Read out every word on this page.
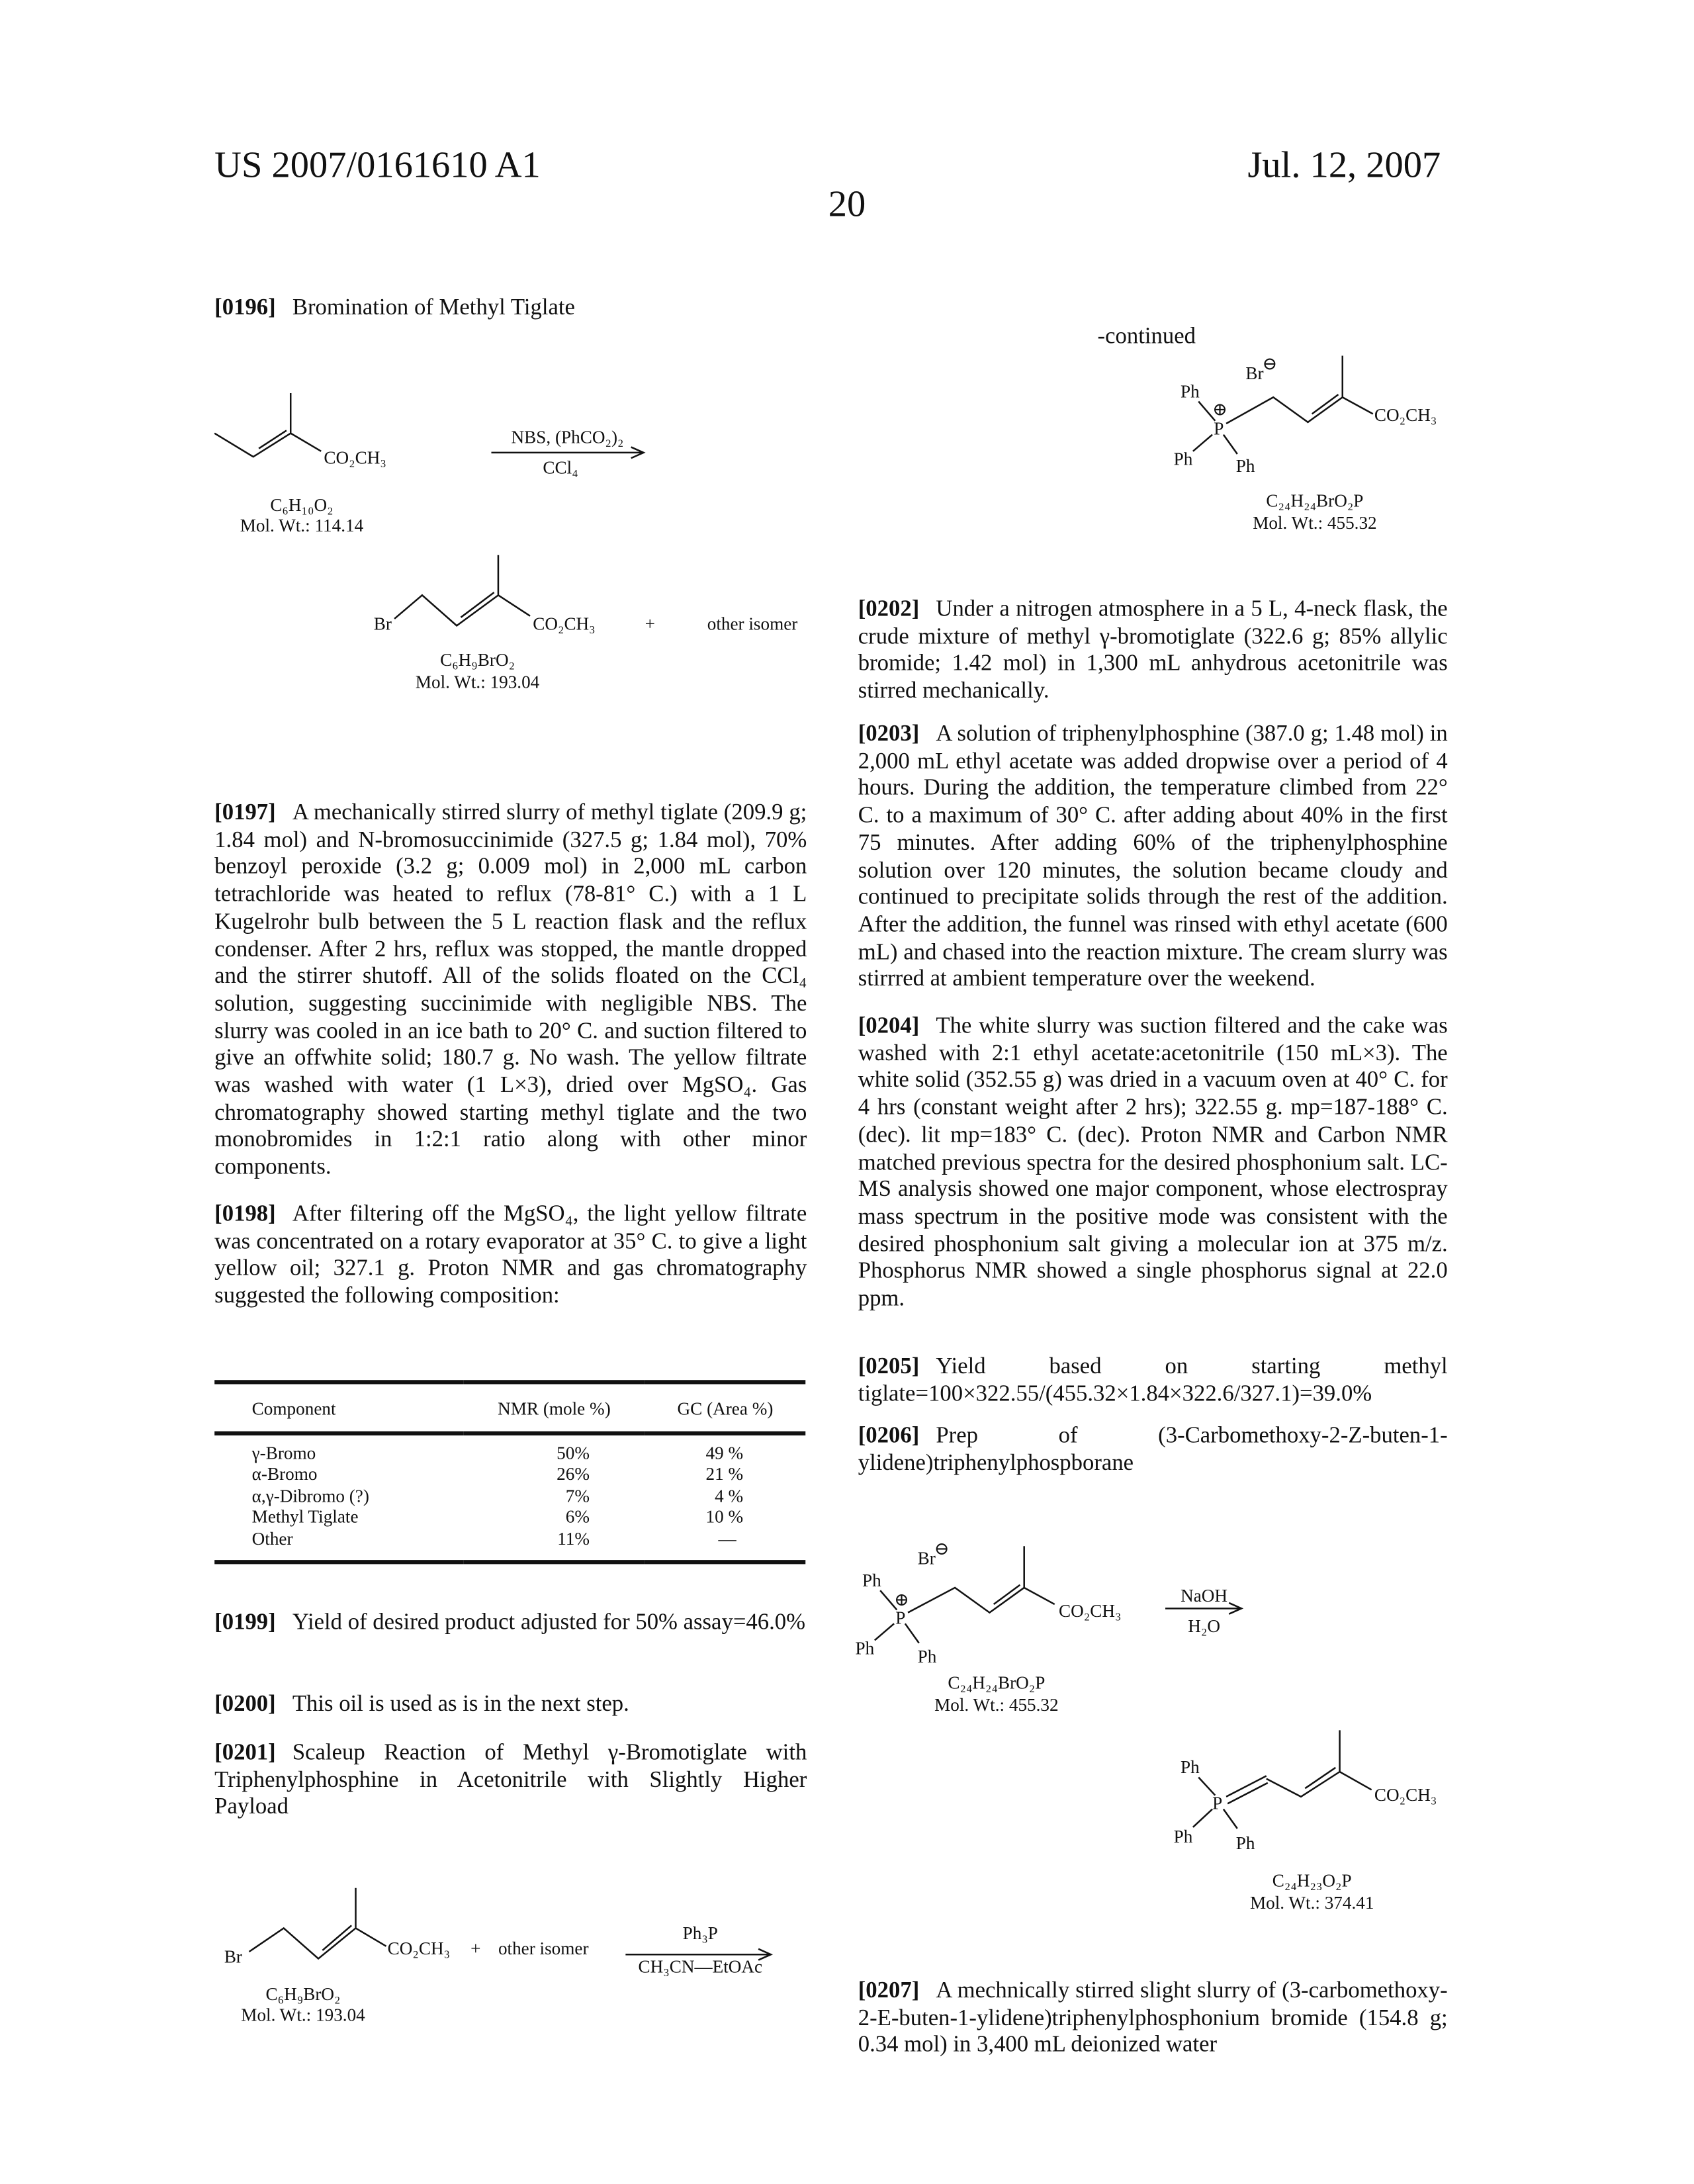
US 2007/0161610 A1	Jul. 12, 2007
20

[0196] Bromination of Methyl Tiglate

[0197] A mechanically stirred slurry of methyl tiglate (209.9 g; 1.84 mol) and N-bromosuccinimide (327.5 g; 1.84 mol), 70% benzoyl peroxide (3.2 g; 0.009 mol) in 2,000 mL carbon tetrachloride was heated to reflux (78-81° C.) with a 1 L Kugelrohr bulb between the 5 L reaction flask and the reflux condenser. After 2 hrs, reflux was stopped, the mantle dropped and the stirrer shutoff. All of the solids floated on the CCl₄ solution, suggesting succinimide with negligible NBS. The slurry was cooled in an ice bath to 20° C. and suction filtered to give an offwhite solid; 180.7 g. No wash. The yellow filtrate was washed with water (1 L×3), dried over MgSO₄. Gas chromatography showed starting methyl tiglate and the two monobromides in 1:2:1 ratio along with other minor components.

[0198] After filtering off the MgSO₄, the light yellow filtrate was concentrated on a rotary evaporator at 35° C. to give a light yellow oil; 327.1 g. Proton NMR and gas chromatography suggested the following composition:

Component	NMR (mole %)	GC (Area %)
γ-Bromo	50%	49 %
α-Bromo	26%	21 %
α,γ-Dibromo (?)	7%	4 %
Methyl Tiglate	6%	10 %
Other	11%	—

[0199] Yield of desired product adjusted for 50% assay=46.0%

[0200] This oil is used as is in the next step.

[0201] Scaleup Reaction of Methyl γ-Bromotiglate with Triphenylphosphine in Acetonitrile with Slightly Higher Payload

-continued

[0202] Under a nitrogen atmosphere in a 5 L, 4-neck flask, the crude mixture of methyl γ-bromotiglate (322.6 g; 85% allylic bromide; 1.42 mol) in 1,300 mL anhydrous acetonitrile was stirred mechanically.

[0203] A solution of triphenylphosphine (387.0 g; 1.48 mol) in 2,000 mL ethyl acetate was added dropwise over a period of 4 hours. During the addition, the temperature climbed from 22° C. to a maximum of 30° C. after adding about 40% in the first 75 minutes. After adding 60% of the triphenylphosphine solution over 120 minutes, the solution became cloudy and continued to precipitate solids through the rest of the addition. After the addition, the funnel was rinsed with ethyl acetate (600 mL) and chased into the reaction mixture. The cream slurry was stirrred at ambient temperature over the weekend.

[0204] The white slurry was suction filtered and the cake was washed with 2:1 ethyl acetate:acetonitrile (150 mL×3). The white solid (352.55 g) was dried in a vacuum oven at 40° C. for 4 hrs (constant weight after 2 hrs); 322.55 g. mp=187-188° C. (dec). lit mp=183° C. (dec). Proton NMR and Carbon NMR matched previous spectra for the desired phosphonium salt. LC-MS analysis showed one major component, whose electrospray mass spectrum in the positive mode was consistent with the desired phosphonium salt giving a molecular ion at 375 m/z. Phosphorus NMR showed a single phosphorus signal at 22.0 ppm.

[0205] Yield based on starting methyl tiglate=100×322.55/(455.32×1.84×322.6/327.1)=39.0%

[0206] Prep of (3-Carbomethoxy-2-Z-buten-1-ylidene)triphenylphospborane

[0207] A mechnically stirred slight slurry of (3-carbomethoxy-2-E-buten-1-ylidene)triphenylphosphonium bromide (154.8 g; 0.34 mol) in 3,400 mL deionized water

CO₂CH₃
C₆H₁₀O₂
Mol. Wt.: 114.14
NBS, (PhCO₂)₂
CCl₄
Br	CO₂CH₃	+	other isomer
C₆H₉BrO₂
Mol. Wt.: 193.04
Br	CO₂CH₃ + other isomer
Ph₃P
CH₃CN—EtOAc
C₆H₉BrO₂
Mol. Wt.: 193.04
Br
⊖
Ph
⊕
P
CO₂CH₃
Ph	Ph
C₂₄H₂₄BrO₂P
Mol. Wt.: 455.32
Br
⊖
Ph
⊕
P	CO₂CH₃
Ph	Ph
NaOH
H₂O
C₂₄H₂₄BrO₂P
Mol. Wt.: 455.32
Ph
P	CO₂CH₃
Ph	Ph
C₂₄H₂₃O₂P
Mol. Wt.: 374.41
